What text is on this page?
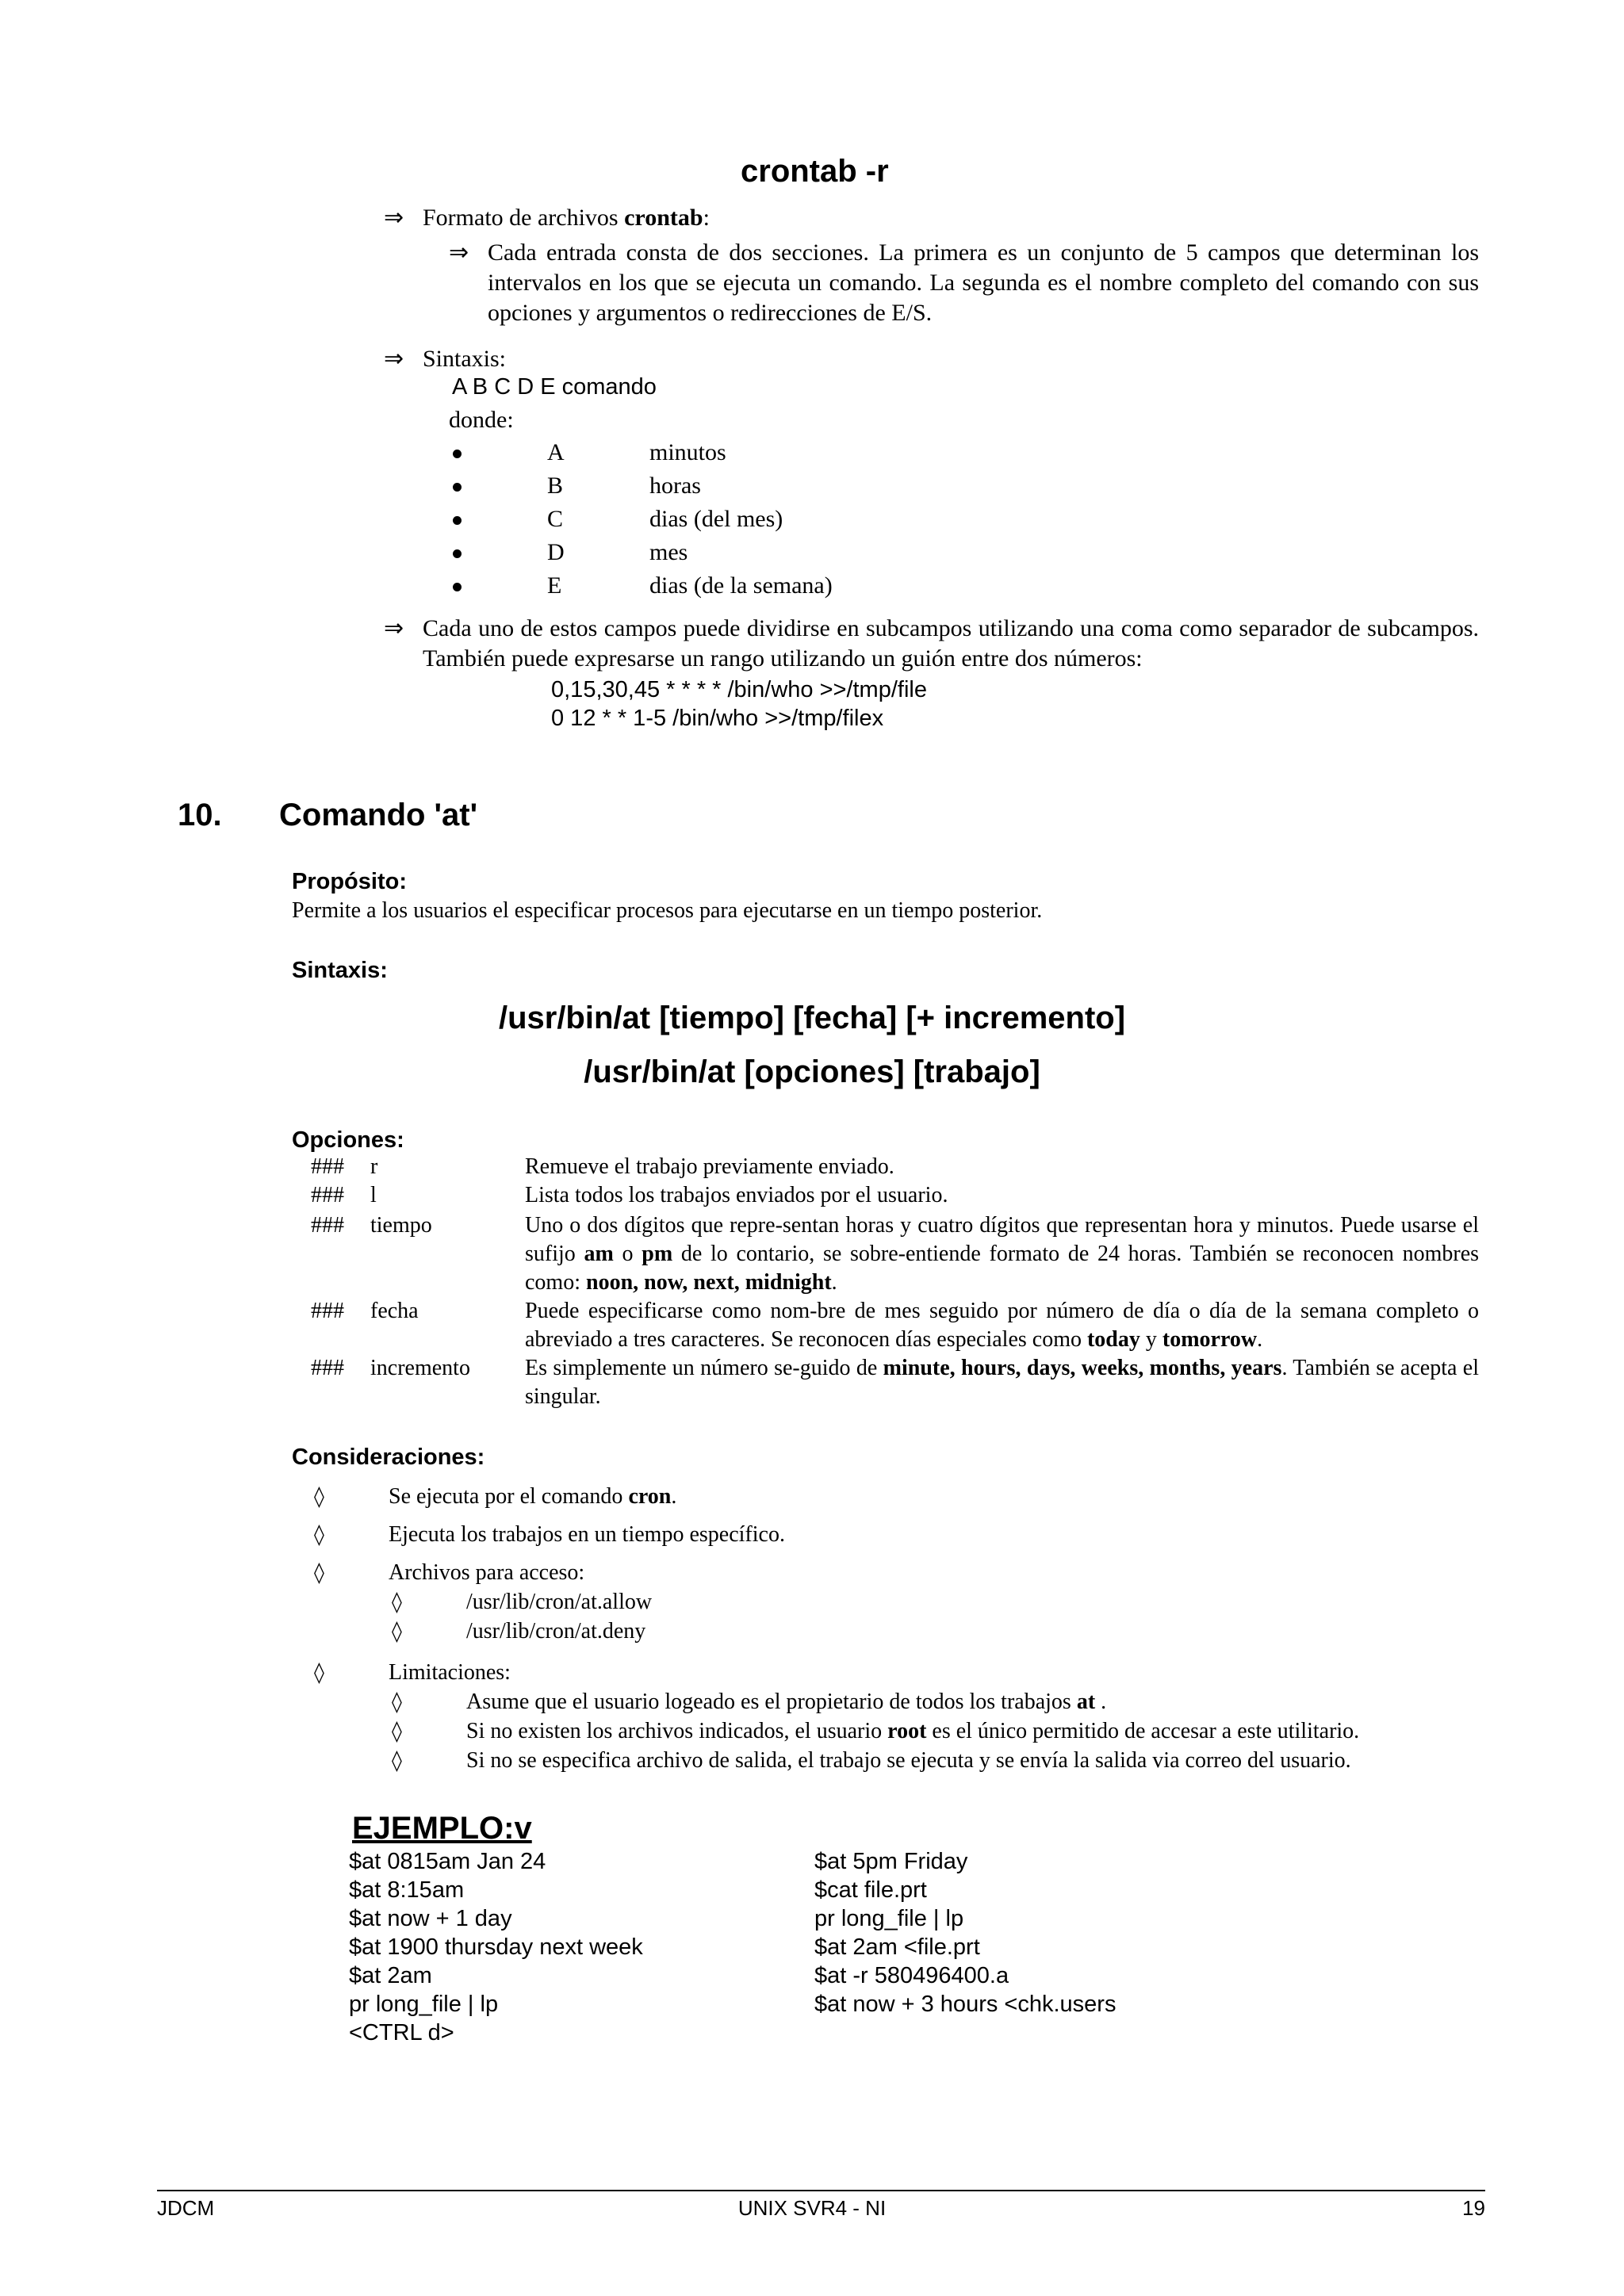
crontab -r
⇒ Formato de archivos crontab:
⇒ Cada entrada consta de dos secciones. La primera es un conjunto de 5 campos que determinan los intervalos en los que se ejecuta un comando. La segunda es el nombre completo del comando con sus opciones y argumentos o redirecciones de E/S.
⇒ Sintaxis:
A B C D E comando
donde:
A	minutos
B	horas
C	dias (del mes)
D	mes
E	dias (de la semana)
⇒ Cada uno de estos campos puede dividirse en subcampos utilizando una coma como separador de subcampos. También puede expresarse un rango utilizando un guión entre dos números:
0,15,30,45 * * * * /bin/who >>/tmp/file
0 12 * * 1-5 /bin/who >>/tmp/filex
10. Comando 'at'
Propósito:
Permite a los usuarios el especificar procesos para ejecutarse en un tiempo posterior.
Sintaxis:
/usr/bin/at [tiempo] [fecha] [+ incremento]
/usr/bin/at [opciones] [trabajo]
Opciones:
### r	Remueve el trabajo previamente enviado.
### l	Lista todos los trabajos enviados por el usuario.
### tiempo	Uno o dos dígitos que repre-sentan horas y cuatro dígitos que representan hora y minutos. Puede usarse el sufijo am o pm de lo contario, se sobre-entiende formato de 24 horas. También se reconocen nombres como: noon, now, next, midnight.
### fecha	Puede especificarse como nom-bre de mes seguido por número de día o día de la semana completo o abreviado a tres caracteres. Se reconocen días especiales como today y tomorrow.
### incremento Es simplemente un número se-guido de minute, hours, days, weeks, months, years. También se acepta el singular.
Consideraciones:
◊	Se ejecuta por el comando cron.
◊	Ejecuta los trabajos en un tiempo específico.
◊	Archivos para acceso:
◊	/usr/lib/cron/at.allow
◊	/usr/lib/cron/at.deny
◊	Limitaciones:
◊	Asume que el usuario logeado es el propietario de todos los trabajos at .
◊	Si no existen los archivos indicados, el usuario root es el único permitido de accesar a este utilitario.
◊	Si no se especifica archivo de salida, el trabajo se ejecuta y se envía la salida via correo del usuario.
EJEMPLO:v
$at 0815am Jan 24
$at 8:15am
$at now + 1 day
$at 1900 thursday next week
$at 2am
pr long_file | lp
<CTRL d>
$at 5pm Friday
$cat file.prt
pr long_file | lp
$at 2am <file.prt
$at -r 580496400.a
$at now + 3 hours <chk.users
JDCM	UNIX SVR4 - NI	19
